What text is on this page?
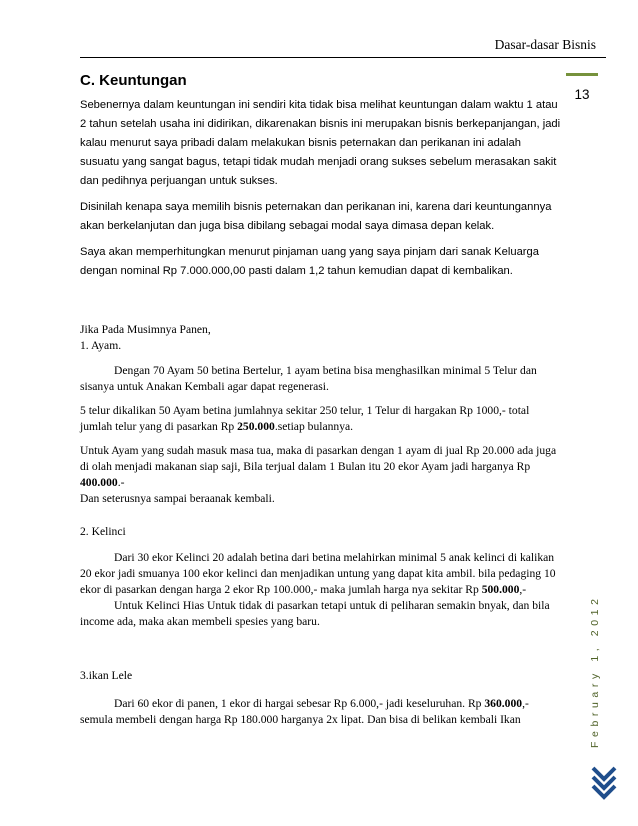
Dasar-dasar Bisnis
13
February 1, 2012
C. Keuntungan

Sebenernya dalam keuntungan ini sendiri kita tidak bisa melihat keuntungan dalam waktu 1 atau 2 tahun setelah usaha ini didirikan, dikarenakan bisnis ini merupakan bisnis berkepanjangan, jadi kalau menurut saya pribadi dalam melakukan bisnis peternakan dan perikanan ini adalah susuatu yang sangat bagus, tetapi tidak mudah menjadi orang sukses sebelum merasakan sakit dan pedihnya perjuangan untuk sukses.

Disinilah kenapa saya memilih bisnis peternakan dan perikanan ini, karena dari keuntungannya akan berkelanjutan dan juga bisa dibilang sebagai modal saya dimasa depan kelak.

Saya akan memperhitungkan menurut pinjaman uang yang saya pinjam dari sanak Keluarga dengan nominal Rp 7.000.000,00 pasti dalam 1,2 tahun kemudian dapat di kembalikan.

Jika Pada Musimnya Panen,

1. Ayam.

Dengan 70 Ayam 50 betina Bertelur, 1 ayam betina bisa menghasilkan minimal 5 Telur dan sisanya untuk Anakan Kembali agar dapat regenerasi.

5 telur dikalikan 50 Ayam betina jumlahnya sekitar 250 telur, 1 Telur di hargakan Rp 1000,- total jumlah telur yang di pasarkan Rp 250.000.setiap bulannya.

Untuk Ayam yang sudah masuk masa tua, maka di pasarkan dengan 1 ayam di jual Rp 20.000 ada juga di olah menjadi makanan siap saji, Bila terjual dalam 1 Bulan itu 20 ekor Ayam jadi harganya Rp 400.000.-

Dan seterusnya sampai beraanak kembali.

2. Kelinci

Dari 30 ekor Kelinci 20 adalah betina dari betina melahirkan minimal 5 anak kelinci di kalikan 20 ekor jadi smuanya 100 ekor kelinci dan menjadikan untung yang dapat kita ambil. bila pedaging 10 ekor di pasarkan dengan harga 2 ekor Rp 100.000,- maka jumlah harga nya sekitar Rp 500.000,-

Untuk Kelinci Hias Untuk tidak di pasarkan tetapi untuk di peliharan semakin bnyak, dan bila income ada, maka akan membeli spesies yang baru.

3.ikan Lele

Dari 60 ekor di panen, 1 ekor di hargai sebesar Rp 6.000,- jadi keseluruhan. Rp 360.000,- semula membeli dengan harga Rp 180.000 harganya 2x lipat. Dan bisa di belikan kembali Ikan
